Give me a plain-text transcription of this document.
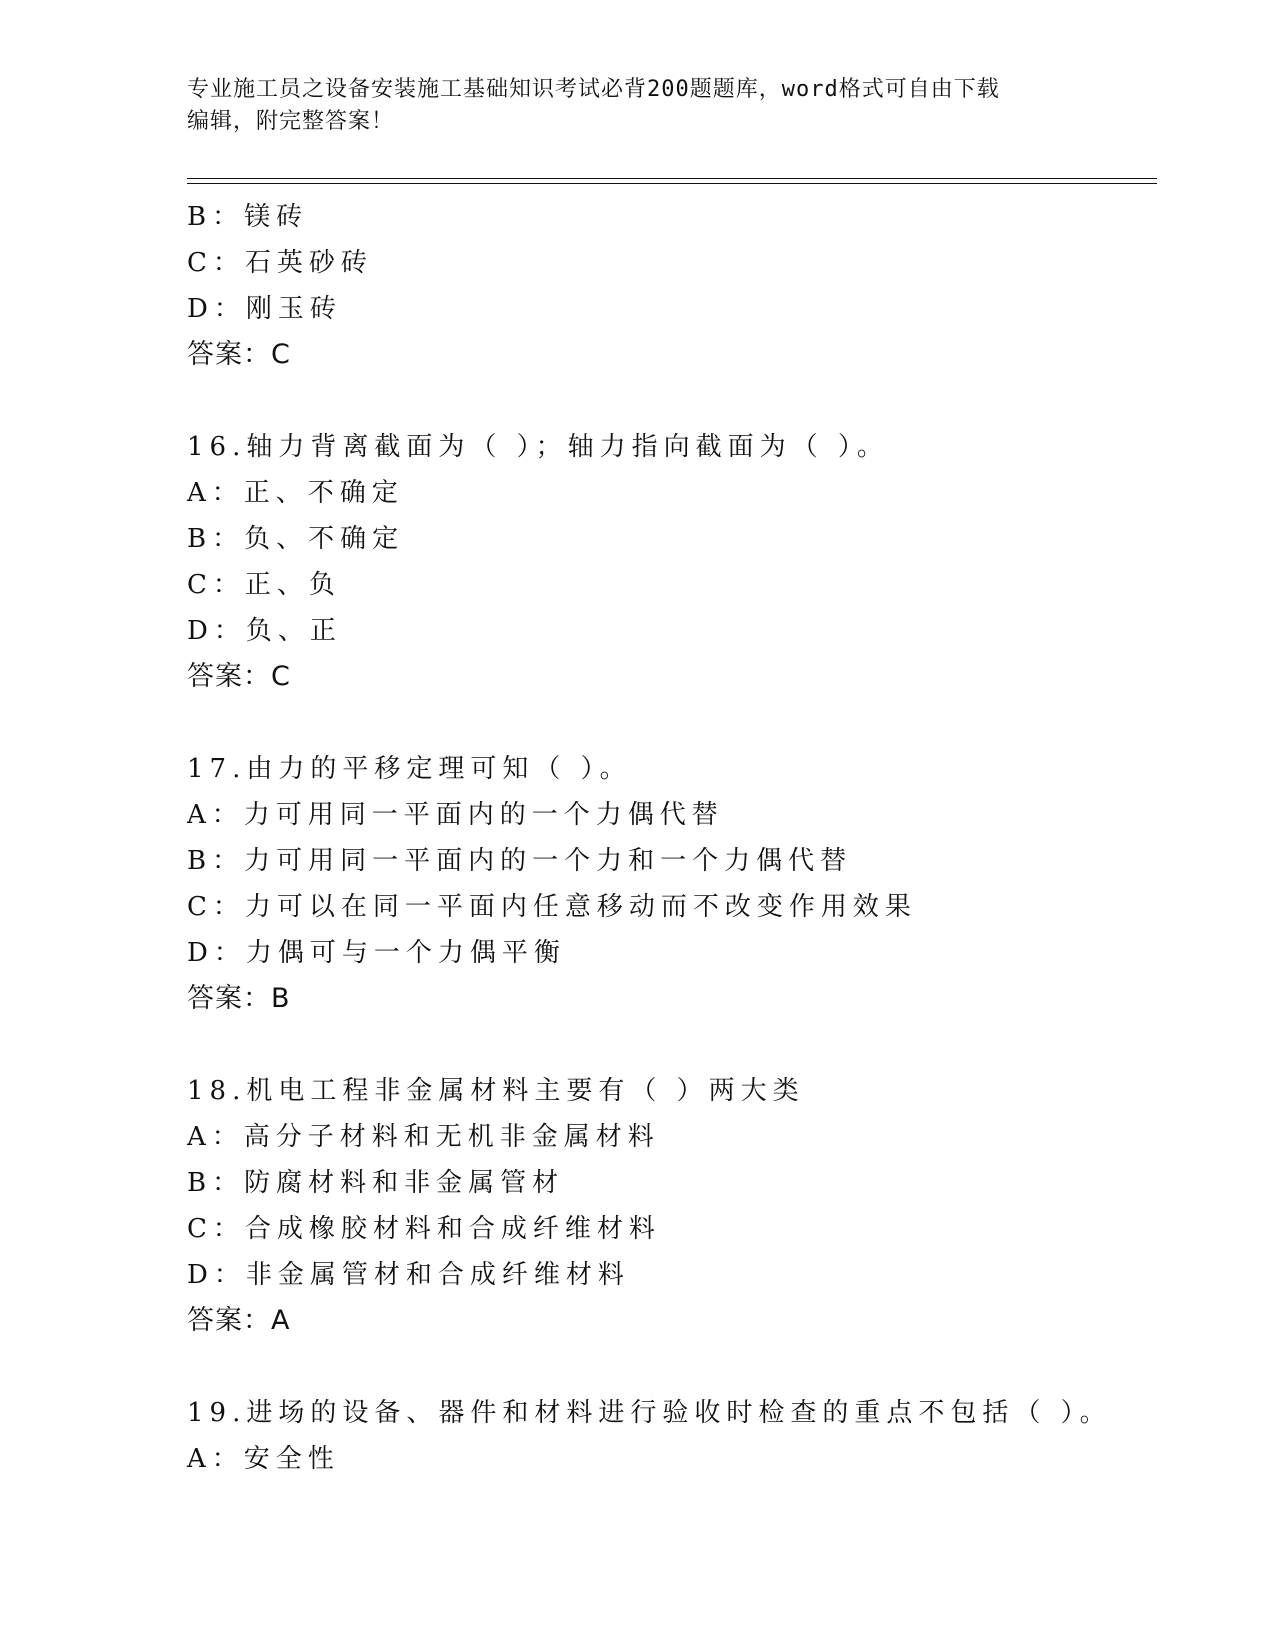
专业施工员之设备安装施工基础知识考试必背200题题库，word格式可自由下载
编辑，附完整答案！
B：镁砖
C：石英砂砖
D：刚玉砖
答案：C
16.轴力背离截面为（ ）；轴力指向截面为（ ）。
A：正、不确定
B：负、不确定
C：正、负
D：负、正
答案：C
17.由力的平移定理可知（ ）。
A：力可用同一平面内的一个力偶代替
B：力可用同一平面内的一个力和一个力偶代替
C：力可以在同一平面内任意移动而不改变作用效果
D：力偶可与一个力偶平衡
答案：B
18.机电工程非金属材料主要有（ ）两大类
A：高分子材料和无机非金属材料
B：防腐材料和非金属管材
C：合成橡胶材料和合成纤维材料
D：非金属管材和合成纤维材料
答案：A
19.进场的设备、器件和材料进行验收时检查的重点不包括（ ）。
A：安全性
